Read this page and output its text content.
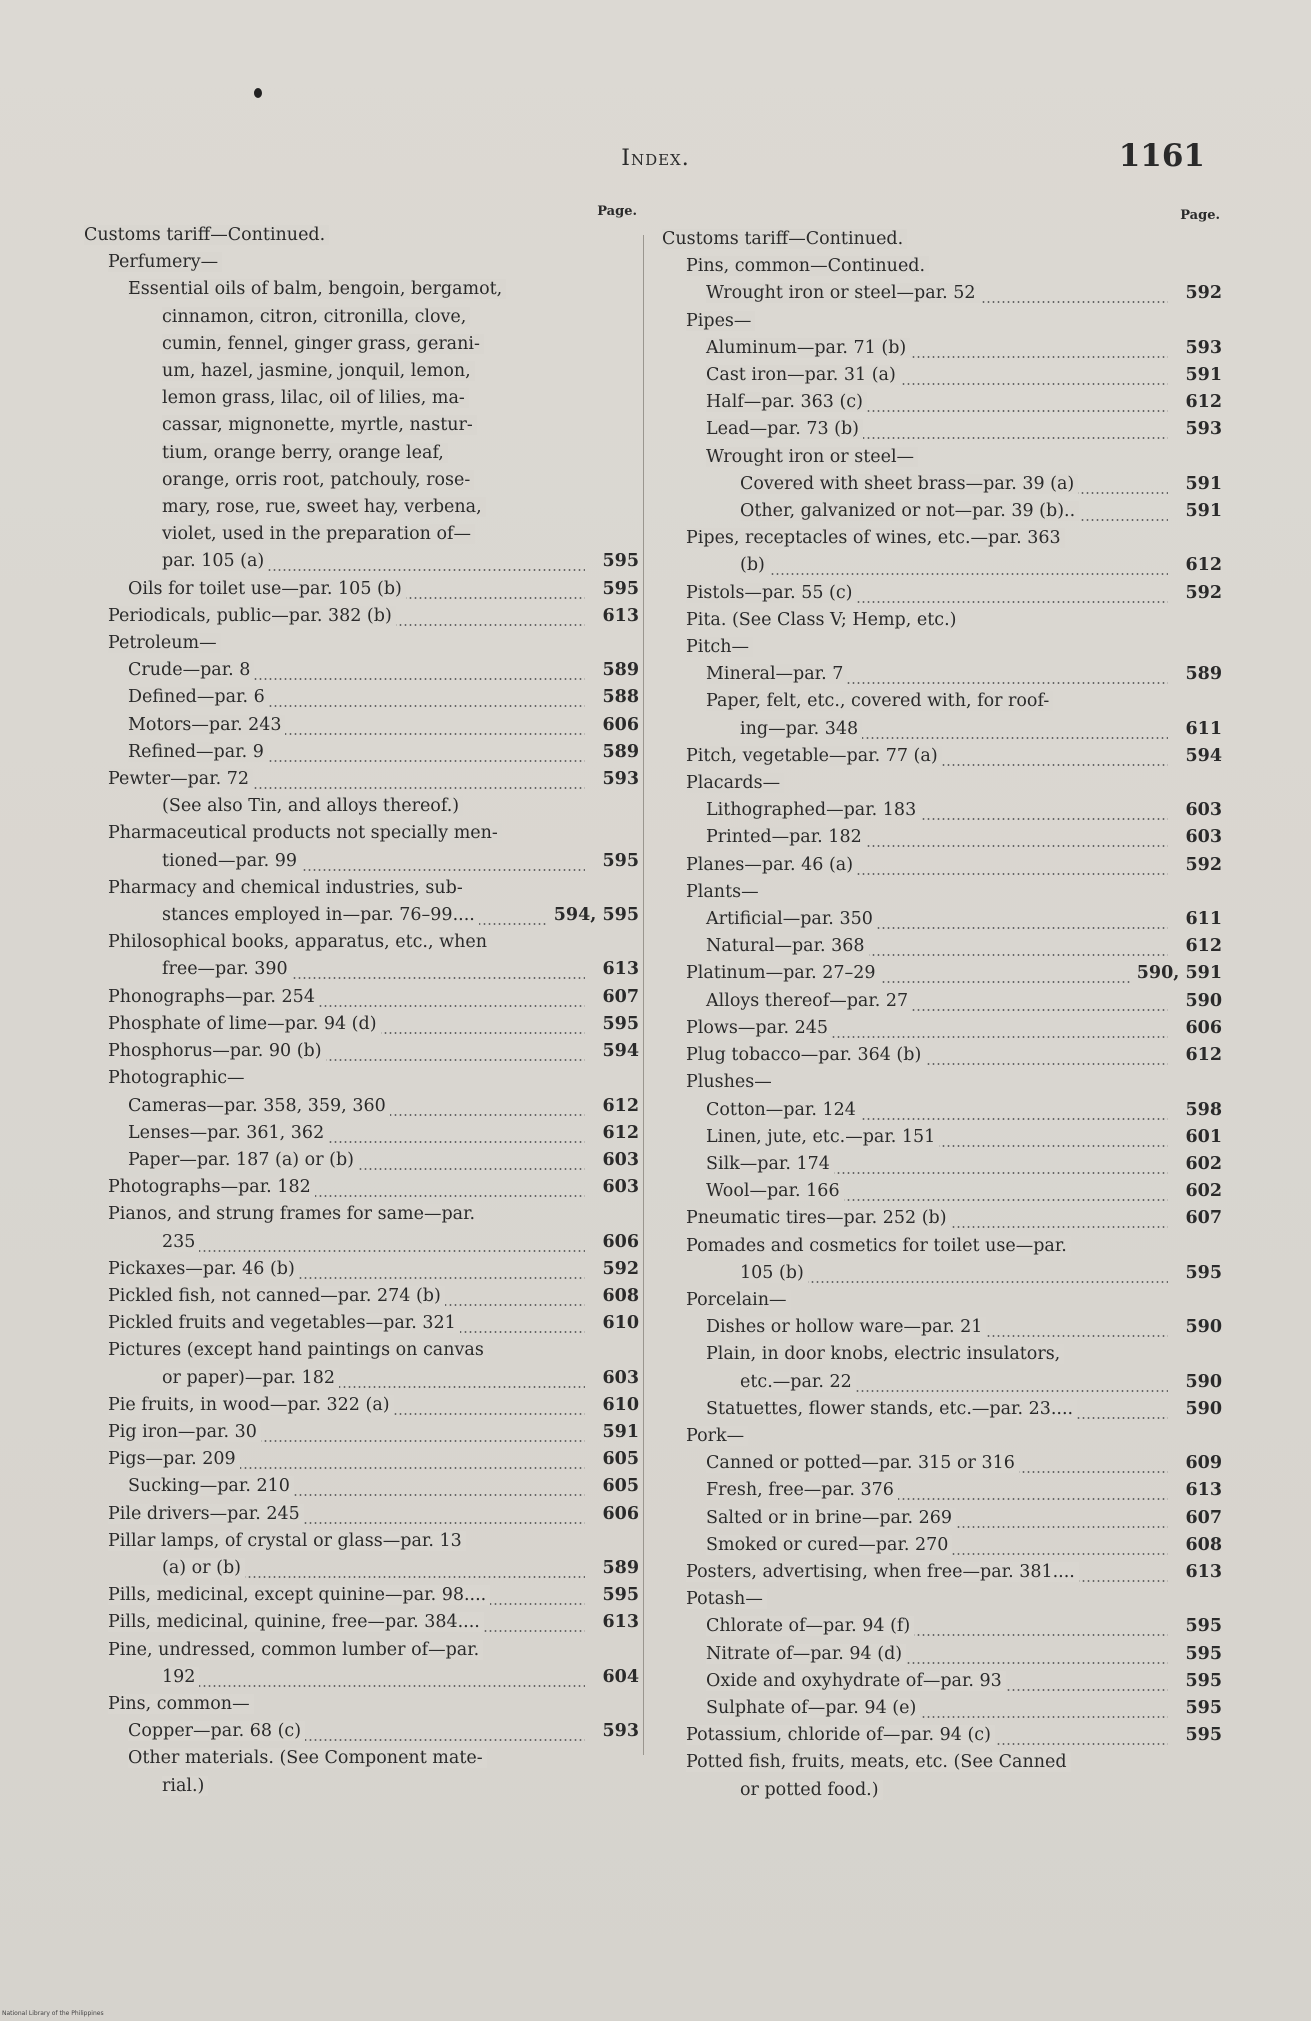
Index.	1161
Page.
Customs tariff—Continued.
Perfumery—
Essential oils of balm, bengoin, bergamot,
cinnamon, citron, citronilla, clove,
cumin, fennel, ginger grass, gerani-
um, hazel, jasmine, jonquil, lemon,
lemon grass, lilac, oil of lilies, ma-
cassar, mignonette, myrtle, nastur-
tium, orange berry, orange leaf,
orange, orris root, patchouly, rose-
mary, rose, rue, sweet hay, verbena,
violet, used in the preparation of—
par. 105 (a)	595
Oils for toilet use—par. 105 (b)	595
Periodicals, public—par. 382 (b)	613
Petroleum—
Crude—par. 8	589
Defined—par. 6	588
Motors—par. 243	606
Refined—par. 9	589
Pewter—par. 72	593
(See also Tin, and alloys thereof.)
Pharmaceutical products not specially men-
tioned—par. 99	595
Pharmacy and chemical industries, sub-
stances employed in—par. 76–99....	594, 595
Philosophical books, apparatus, etc., when
free—par. 390	613
Phonographs—par. 254	607
Phosphate of lime—par. 94 (d)	595
Phosphorus—par. 90 (b)	594
Photographic—
Cameras—par. 358, 359, 360	612
Lenses—par. 361, 362	612
Paper—par. 187 (a) or (b)	603
Photographs—par. 182	603
Pianos, and strung frames for same—par.
235	606
Pickaxes—par. 46 (b)	592
Pickled fish, not canned—par. 274 (b)	608
Pickled fruits and vegetables—par. 321	610
Pictures (except hand paintings on canvas
or paper)—par. 182	603
Pie fruits, in wood—par. 322 (a)	610
Pig iron—par. 30	591
Pigs—par. 209	605
Sucking—par. 210	605
Pile drivers—par. 245	606
Pillar lamps, of crystal or glass—par. 13
(a) or (b)	589
Pills, medicinal, except quinine—par. 98....	595
Pills, medicinal, quinine, free—par. 384....	613
Pine, undressed, common lumber of—par.
192	604
Pins, common—
Copper—par. 68 (c)	593
Other materials. (See Component mate-
rial.)
Page.
Customs tariff—Continued.
Pins, common—Continued.
Wrought iron or steel—par. 52	592
Pipes—
Aluminum—par. 71 (b)	593
Cast iron—par. 31 (a)	591
Half—par. 363 (c)	612
Lead—par. 73 (b)	593
Wrought iron or steel—
Covered with sheet brass—par. 39 (a)	591
Other, galvanized or not—par. 39 (b)..	591
Pipes, receptacles of wines, etc.—par. 363
(b)	612
Pistols—par. 55 (c)	592
Pita. (See Class V; Hemp, etc.)
Pitch—
Mineral—par. 7	589
Paper, felt, etc., covered with, for roof-
ing—par. 348	611
Pitch, vegetable—par. 77 (a)	594
Placards—
Lithographed—par. 183	603
Printed—par. 182	603
Planes—par. 46 (a)	592
Plants—
Artificial—par. 350	611
Natural—par. 368	612
Platinum—par. 27–29	590, 591
Alloys thereof—par. 27	590
Plows—par. 245	606
Plug tobacco—par. 364 (b)	612
Plushes—
Cotton—par. 124	598
Linen, jute, etc.—par. 151	601
Silk—par. 174	602
Wool—par. 166	602
Pneumatic tires—par. 252 (b)	607
Pomades and cosmetics for toilet use—par.
105 (b)	595
Porcelain—
Dishes or hollow ware—par. 21	590
Plain, in door knobs, electric insulators,
etc.—par. 22	590
Statuettes, flower stands, etc.—par. 23....	590
Pork—
Canned or potted—par. 315 or 316	609
Fresh, free—par. 376	613
Salted or in brine—par. 269	607
Smoked or cured—par. 270	608
Posters, advertising, when free—par. 381....	613
Potash—
Chlorate of—par. 94 (f)	595
Nitrate of—par. 94 (d)	595
Oxide and oxyhydrate of—par. 93	595
Sulphate of—par. 94 (e)	595
Potassium, chloride of—par. 94 (c)	595
Potted fish, fruits, meats, etc. (See Canned
or potted food.)
National Library of the Philippines
